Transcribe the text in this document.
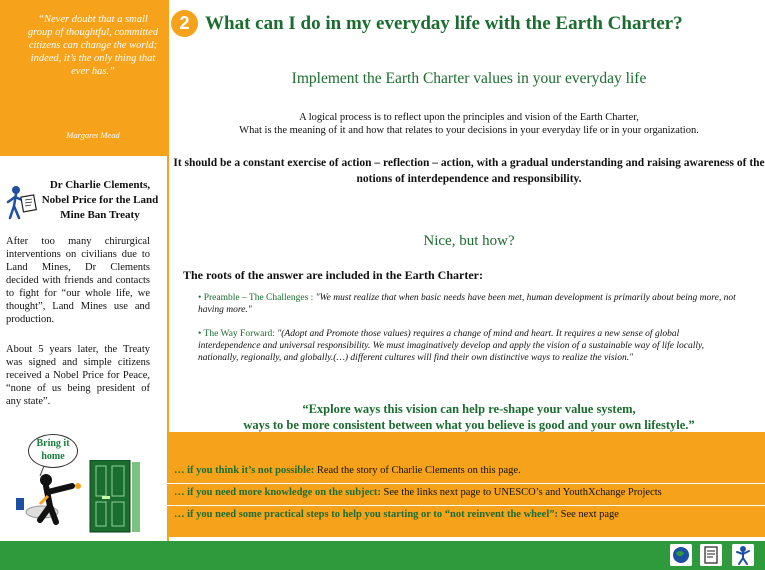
“Never doubt that a small group of thoughtful, committed citizens can change the world; indeed, it’s the only thing that ever has.”
Margaret Mead
Dr Charlie Clements, Nobel Price for the Land Mine Ban Treaty
After too many chirurgical interventions on civilians due to Land Mines, Dr Clements decided with friends and contacts to fight for “our whole life, we thought”, Land Mines use and production.
About 5 years later, the Treaty was signed and simple citizens received a Nobel Price for Peace, “none of us being president of any state”.
Bring it home
2 What can I do in my everyday life with the Earth Charter?
Implement the Earth Charter values in your everyday life
A logical process is to reflect upon the principles and vision of the Earth Charter,
What is the meaning of it and how that relates to your decisions in your everyday life or in your organization.
It should be a constant exercise of action – reflection – action, with a gradual understanding and raising awareness of the notions of interdependence and responsibility.
Nice, but how?
The roots of the answer are included in the Earth Charter:
• Preamble – The Challenges : "We must realize that when basic needs have been met, human development is primarily about being more, not having more."
• The Way Forward: "(Adopt and Promote those values) requires a change of mind and heart. It requires a new sense of global interdependence and universal responsibility. We must imaginatively develop and apply the vision of a sustainable way of life locally, nationally, regionally, and globally.(…) different cultures will find their own distinctive ways to realize the vision."
“Explore ways this vision can help re-shape your value system,
ways to be more consistent between what you believe is good and your own lifestyle.”
… if you think it’s not possible: Read the story of Charlie Clements on this page.
… if you need more knowledge on the subject: See the links next page to UNESCO’s and YouthXchange Projects
… if you need some practical steps to help you starting or to “not reinvent the wheel”: See next page
